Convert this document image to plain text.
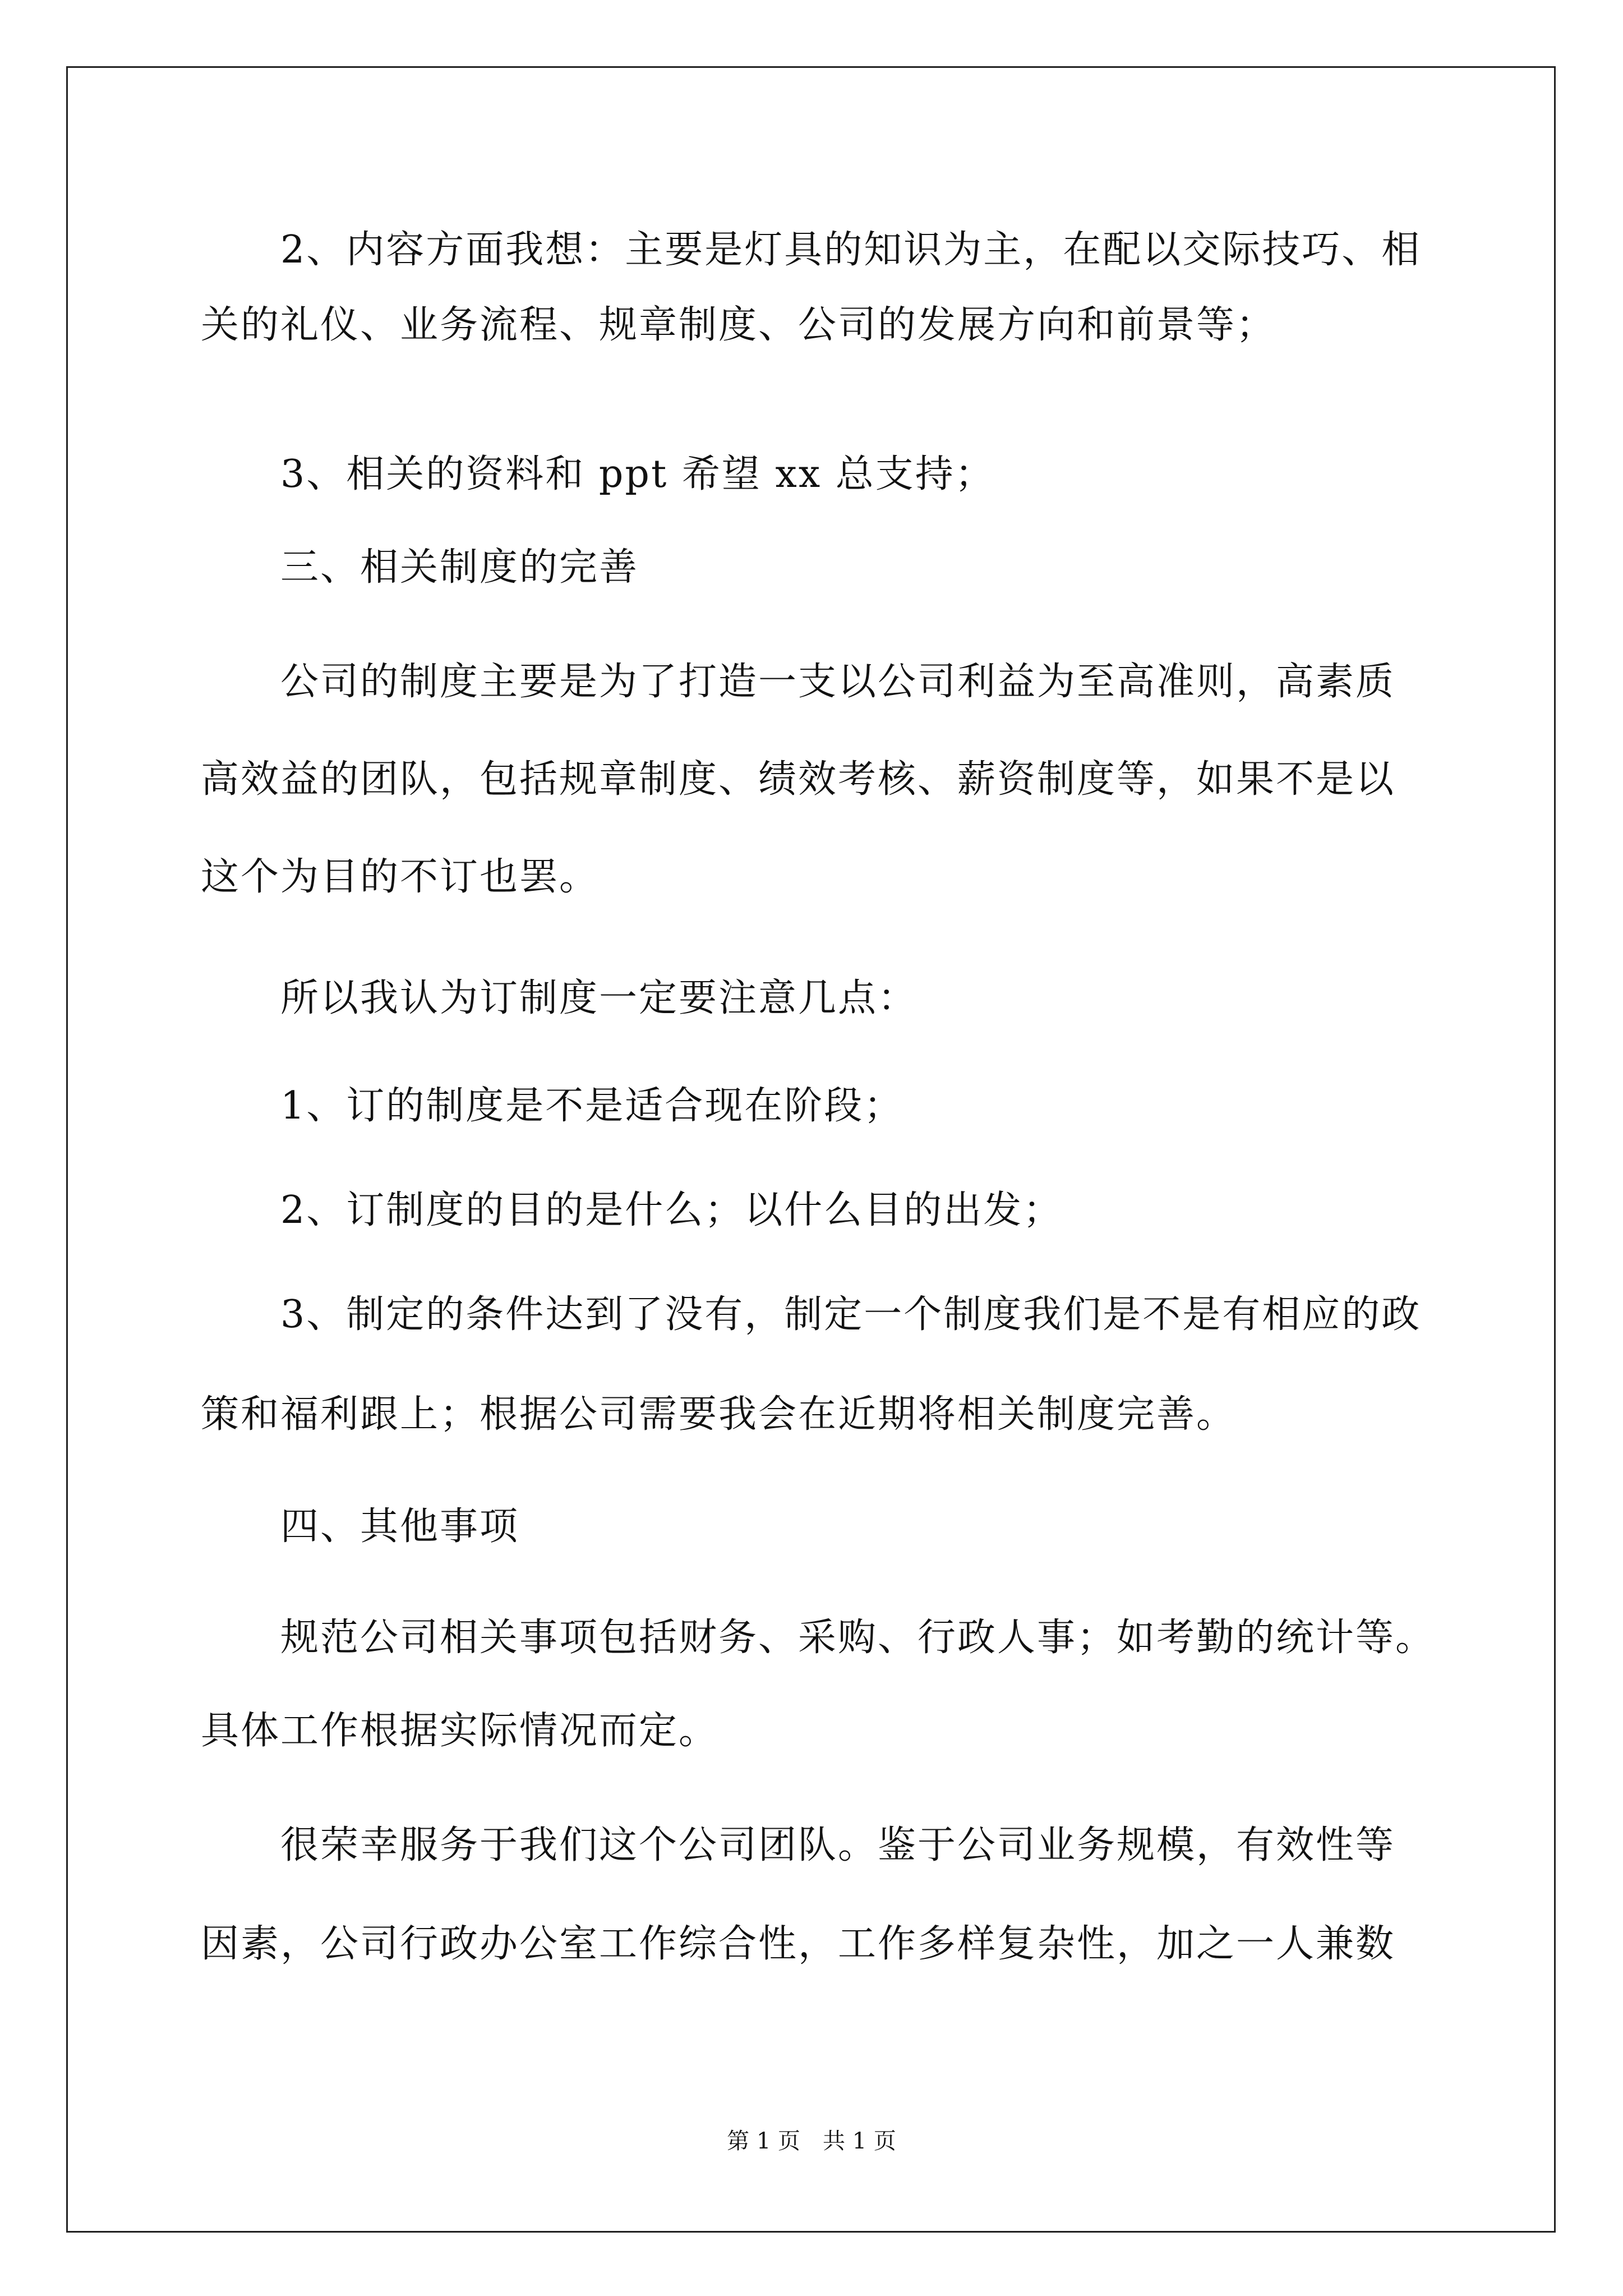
2、内容方面我想：主要是灯具的知识为主，在配以交际技巧、相
关的礼仪、业务流程、规章制度、公司的发展方向和前景等；
3、相关的资料和 ppt 希望 xx 总支持；
三、相关制度的完善
公司的制度主要是为了打造一支以公司利益为至高准则，高素质
高效益的团队，包括规章制度、绩效考核、薪资制度等，如果不是以
这个为目的不订也罢。
所以我认为订制度一定要注意几点：
1、订的制度是不是适合现在阶段；
2、订制度的目的是什么；以什么目的出发；
3、制定的条件达到了没有，制定一个制度我们是不是有相应的政
策和福利跟上；根据公司需要我会在近期将相关制度完善。
四、其他事项
规范公司相关事项包括财务、采购、行政人事；如考勤的统计等。
具体工作根据实际情况而定。
很荣幸服务于我们这个公司团队。鉴于公司业务规模，有效性等
因素，公司行政办公室工作综合性，工作多样复杂性，加之一人兼数
第 1 页　共 1 页
